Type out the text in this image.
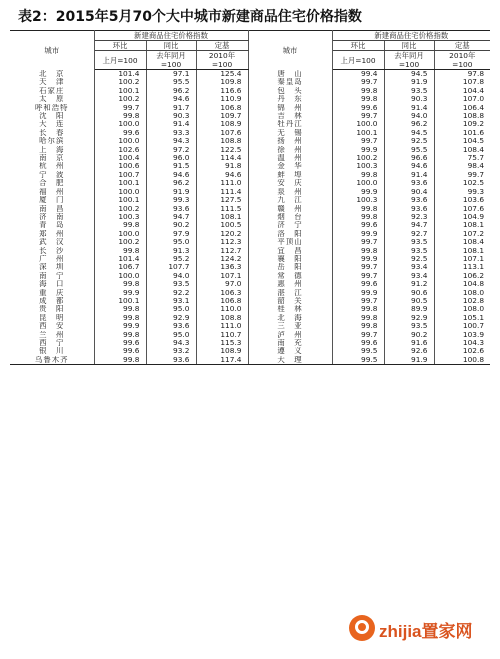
表2：2015年5月70个大中城市新建商品住宅价格指数
城市	新建商品住宅价格指数			城市	新建商品住宅价格指数		
	环比	同比	定基		环比	同比	定基
	上月=100	去年同月
=100	2010年
=100		上月=100	去年同月
=100	2010年
=100

北　京	101.4	97.1	125.4	唐　山	99.4	94.5	97.8
天　津	100.2	95.5	109.8	秦皇岛	99.7	91.9	107.8
石家庄	100.1	96.2	116.6	包　头	99.8	93.5	104.4
太　原	100.2	94.6	110.9	丹　东	99.8	90.3	107.0
呼和浩特	99.7	91.7	106.8	锦　州	99.6	91.4	106.4
沈　阳	99.8	90.3	109.7	吉　林	99.7	94.0	108.8
大　连	100.0	91.4	108.9	牡丹江	100.0	96.2	109.2
长　春	99.6	93.3	107.6	无　锡	100.1	94.5	101.6
哈尔滨	100.0	94.3	108.8	扬　州	99.7	92.5	104.5
上　海	102.6	97.2	122.5	徐　州	99.9	95.5	108.4
南　京	100.4	96.0	114.4	温　州	100.2	96.6	75.7
杭　州	100.6	91.5	91.8	金　华	100.3	94.6	98.4
宁　波	100.7	94.6	94.6	蚌　埠	99.8	91.4	99.7
合　肥	100.1	96.2	111.0	安　庆	100.0	93.6	102.5
福　州	100.0	91.9	111.4	泉　州	99.9	90.4	99.3
厦　门	100.1	99.3	127.5	九　江	100.3	93.6	103.6
南　昌	100.2	93.6	111.5	赣　州	99.8	93.6	107.6
济　南	100.3	94.7	108.1	烟　台	99.8	92.3	104.9
青　岛	99.8	90.2	100.5	济　宁	99.6	94.7	108.1
郑　州	100.0	97.9	120.2	洛　阳	99.9	92.7	107.2
武　汉	100.2	95.0	112.3	平顶山	99.7	93.5	108.4
长　沙	99.8	91.3	112.7	宜　昌	99.8	93.5	108.1
广　州	101.4	95.2	124.2	襄　阳	99.9	92.5	107.1
深　圳	106.7	107.7	136.3	岳　阳	99.7	93.4	113.1
南　宁	100.0	94.0	107.1	常　德	99.7	93.4	106.2
海　口	99.8	93.5	97.0	惠　州	99.6	91.2	104.8
重　庆	99.9	92.2	106.3	湛　江	99.9	90.6	108.0
成　都	100.1	93.1	106.8	韶　关	99.7	90.5	102.8
贵　阳	99.8	95.0	110.0	桂　林	99.8	89.9	108.0
昆　明	99.8	92.9	108.8	北　海	99.8	92.9	105.1
西　安	99.9	93.6	111.0	三　亚	99.8	93.5	100.7
兰　州	99.8	95.0	110.7	泸　州	99.7	90.2	103.9
西　宁	99.6	94.3	115.3	南　充	99.6	91.6	104.3
银　川	99.6	93.2	108.9	遵　义	99.5	92.6	102.6
乌鲁木齐	99.8	93.6	117.4	大　理	99.5	91.9	100.8
zhijia置家网
